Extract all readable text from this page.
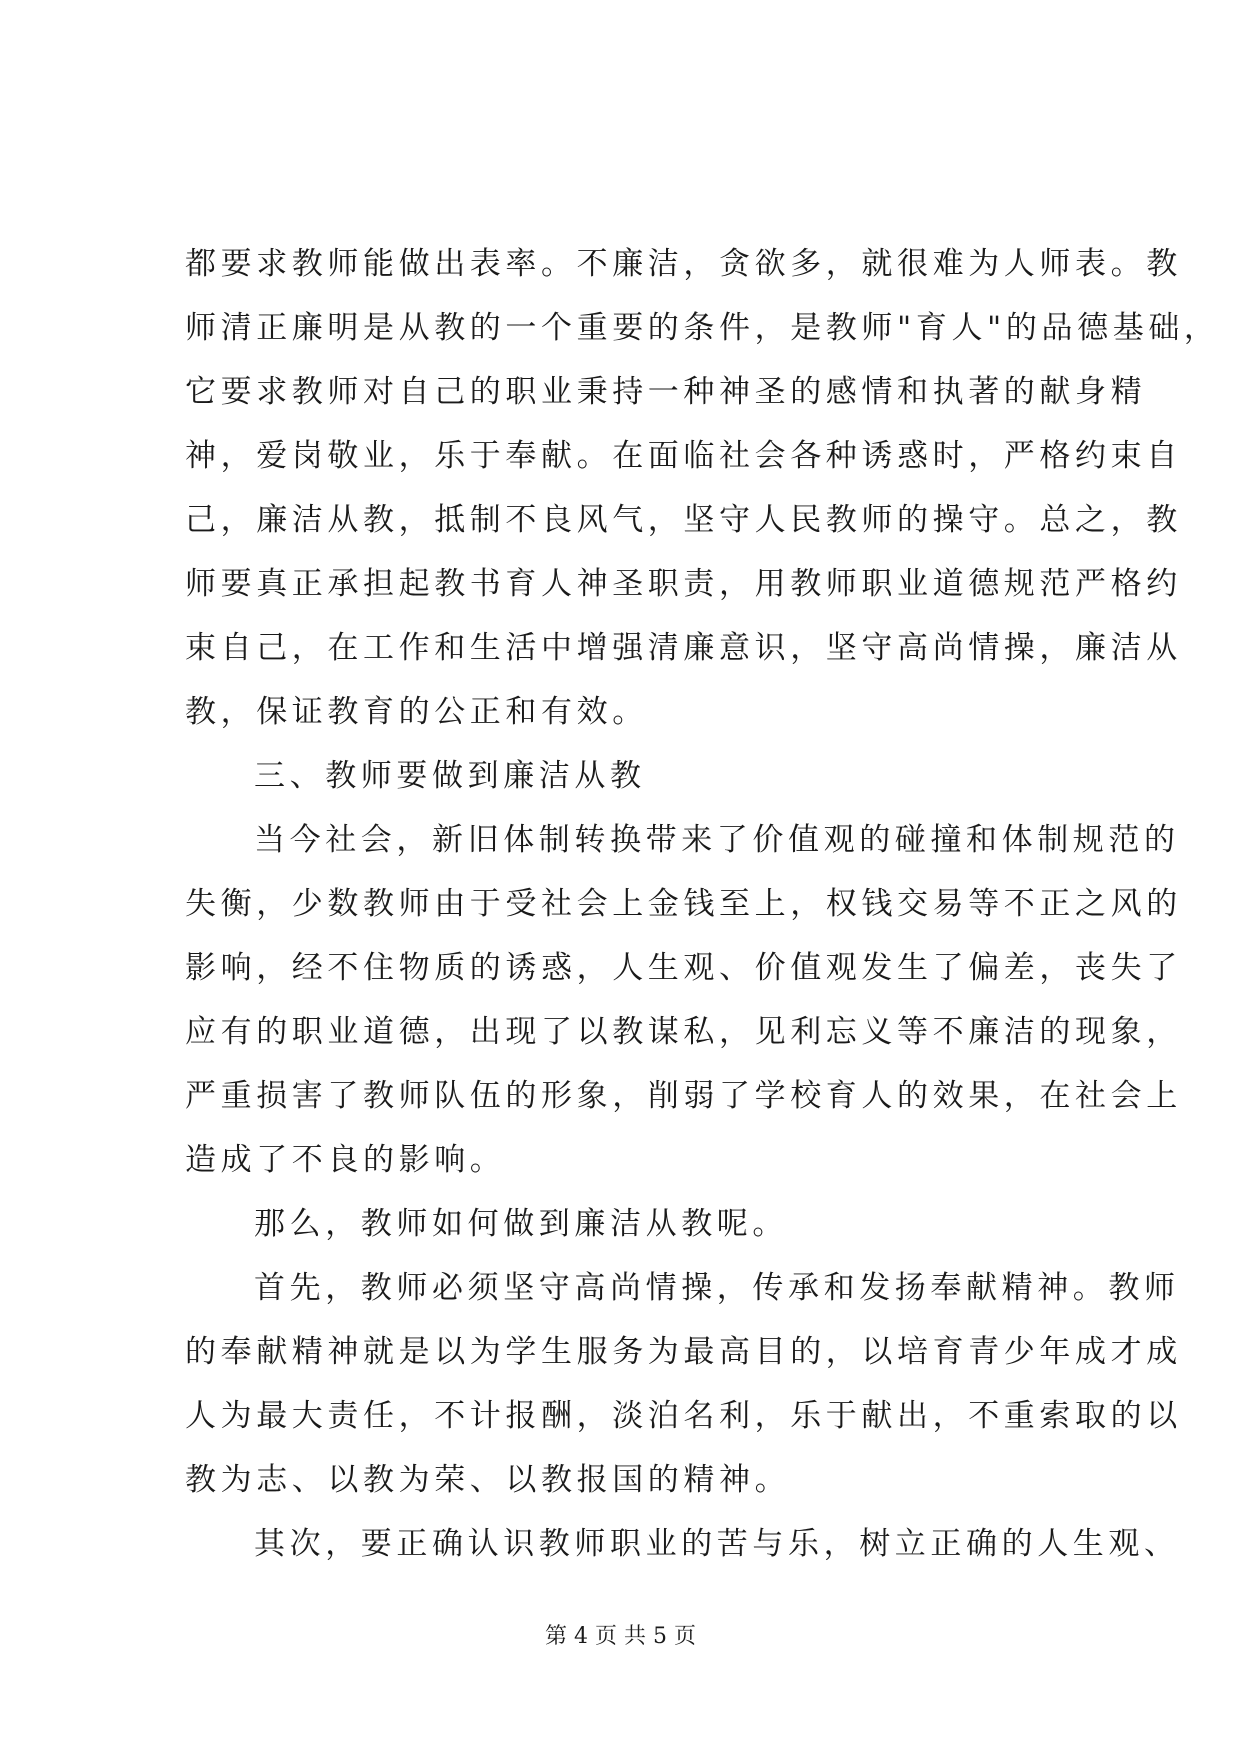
都要求教师能做出表率。不廉洁，贪欲多，就很难为人师表。教
师清正廉明是从教的一个重要的条件，是教师"育人"的品德基础，
它要求教师对自己的职业秉持一种神圣的感情和执著的献身精
神，爱岗敬业，乐于奉献。在面临社会各种诱惑时，严格约束自
己，廉洁从教，抵制不良风气，坚守人民教师的操守。总之，教
师要真正承担起教书育人神圣职责，用教师职业道德规范严格约
束自己，在工作和生活中增强清廉意识，坚守高尚情操，廉洁从
教，保证教育的公正和有效。
三、教师要做到廉洁从教
当今社会，新旧体制转换带来了价值观的碰撞和体制规范的
失衡，少数教师由于受社会上金钱至上，权钱交易等不正之风的
影响，经不住物质的诱惑，人生观、价值观发生了偏差，丧失了
应有的职业道德，出现了以教谋私，见利忘义等不廉洁的现象，
严重损害了教师队伍的形象，削弱了学校育人的效果，在社会上
造成了不良的影响。
那么，教师如何做到廉洁从教呢。
首先，教师必须坚守高尚情操，传承和发扬奉献精神。教师
的奉献精神就是以为学生服务为最高目的，以培育青少年成才成
人为最大责任，不计报酬，淡泊名利，乐于献出，不重索取的以
教为志、以教为荣、以教报国的精神。
其次，要正确认识教师职业的苦与乐，树立正确的人生观、
第 4 页 共 5 页
